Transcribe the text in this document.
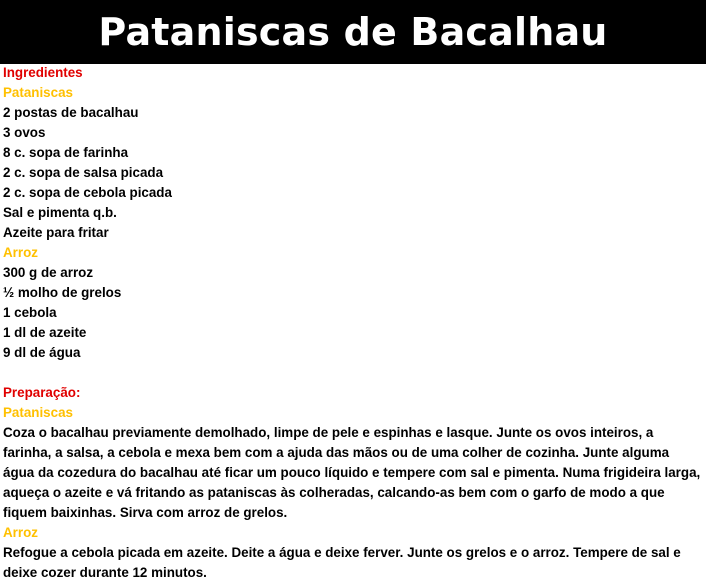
Pataniscas de Bacalhau
Ingredientes
Pataniscas
2 postas de bacalhau
3 ovos
8 c. sopa de farinha
2 c. sopa de salsa picada
2 c. sopa de cebola picada
Sal e pimenta q.b.
Azeite para fritar
Arroz
300 g de arroz
½ molho de grelos
1 cebola
1 dl de azeite
9 dl de água
Preparação:
Pataniscas
Coza o bacalhau previamente demolhado, limpe de pele e espinhas e lasque. Junte os ovos inteiros, a farinha, a salsa, a cebola e mexa bem com a ajuda das mãos ou de uma colher de cozinha. Junte alguma água da cozedura do bacalhau até ficar um pouco líquido e tempere com sal e pimenta. Numa frigideira larga, aqueça o azeite e vá fritando as pataniscas às colheradas, calcando-as bem com o garfo de modo a que fiquem baixinhas. Sirva com arroz de grelos.
Arroz
Refogue a cebola picada em azeite. Deite a água e deixe ferver. Junte os grelos e o arroz. Tempere de sal e deixe cozer durante 12 minutos.
